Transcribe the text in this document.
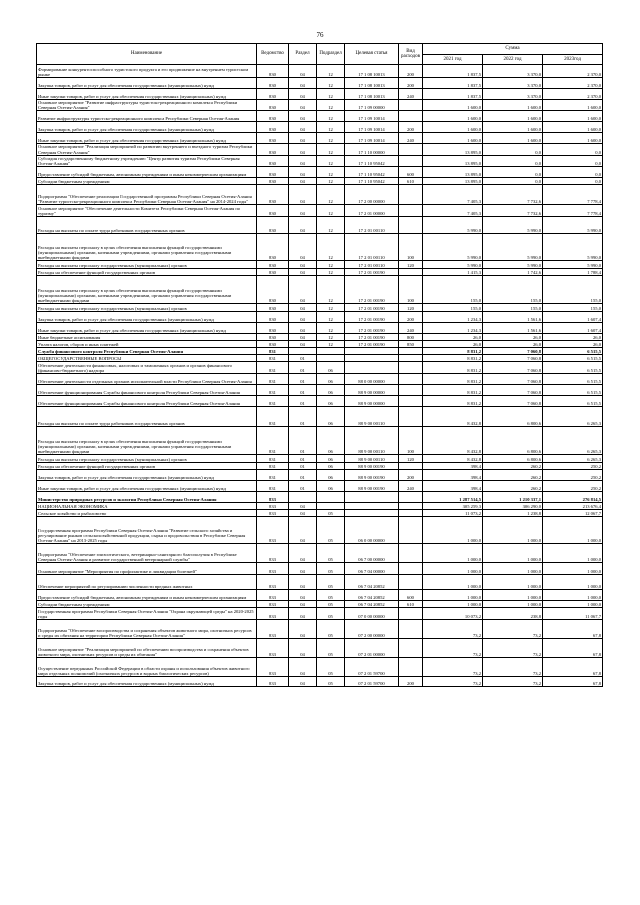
76
Наименование	Ведомство	Раздел	Подраздел	Целевая статья	Вид расходов	Сумма		
						2021 год	2022 год	2023год
Формирование конкурентоспособного туристского продукта и его продвижение на внутреннем туристском рынке	830	04	12	17 1 08 10013	200	1 837,5	3 370,0	2 370,0
Закупка товаров, работ и услуг для обеспечения государственных (муниципальных) нужд	830	04	12	17 1 08 10013	200	1 837,5	3 370,0	2 370,0
Иные закупки товаров, работ и услуг для обеспечения государственных (муниципальных) нужд	830	04	12	17 1 08 10013	240	1 837,5	3 370,0	2 370,0
Основное мероприятие "Развитие инфраструктуры туристско-рекреационного комплекса Республики Северная Осетия-Алания"	830	04	12	17 1 09 00000		1 600,0	1 600,0	1 600,0
Развитие инфраструктуры туристско-рекреационного комплекса Республики Северная Осетия-Алания	830	04	12	17 1 09 10014		1 600,0	1 600,0	1 600,0
Закупка товаров, работ и услуг для обеспечения государственных (муниципальных) нужд	830	04	12	17 1 09 10014	200	1 600,0	1 600,0	1 600,0
Иные закупки товаров, работ и услуг для обеспечения государственных (муниципальных) нужд	830	04	12	17 1 09 10014	240	1 600,0	1 600,0	1 600,0
Основное мероприятие "Реализация мероприятий по развитию внутреннего и въездного туризма Республики Северная Осетия-Алания"	830	04	12	17 1 10 00000		13 895,0	0,0	0,0
Субсидия государственному бюджетному учреждению "Центр развития туризма Республики Северная Осетия-Алания"	830	04	12	17 1 10 95042		13 895,0	0,0	0,0
Предоставление субсидий бюджетным, автономным учреждениям и иным некоммерческим организациям	830	04	12	17 1 10 95042	600	13 895,0	0,0	0,0
Субсидии бюджетным учреждениям	830	04	12	17 1 10 95042	610	13 895,0	0,0	0,0
Подпрограмма "Обеспечение реализации Государственной программы Республики Северная Осетия-Алания "Развитие туристско-рекреационного комплекса Республики Северная Осетия-Алания" на 2014-2024 годы"	830	04	12	17 2 00 00000		7 405,3	7 732,6	7 778,4
Основное мероприятие "Обеспечение деятельности Комитета Республики Северная Осетия-Алания по туризму"	830	04	12	17 2 01 00000		7 405,3	7 732,6	7 778,4
Расходы на выплаты по оплате труда работников государственных органов	830	04	12	17 2 01 00110		5 990,0	5 990,0	5 990,0
Расходы на выплаты персоналу в целях обеспечения выполнения функций государственными (муниципальными) органами, казенными учреждениями, органами управления государственными внебюджетными фондами	830	04	12	17 2 01 00110	100	5 990,0	5 990,0	5 990,0
Расходы на выплаты персоналу государственных (муниципальных) органов	830	04	12	17 2 01 00110	120	5 990,0	5 990,0	5 990,0
Расходы на обеспечение функций государственных органов	830	04	12	17 2 01 00190		1 415,3	1 742,6	1 788,4
Расходы на выплаты персоналу в целях обеспечения выполнения функций государственными (муниципальными) органами, казенными учреждениями, органами управления государственными внебюджетными фондами	830	04	12	17 2 01 00190	100	155,0	155,0	155,0
Расходы на выплаты персоналу государственных (муниципальных) органов	830	04	12	17 2 01 00190	120	155,0	155,0	155,0
Закупка товаров, работ и услуг для обеспечения государственных (муниципальных) нужд	830	04	12	17 2 01 00190	200	1 234,3	1 561,6	1 607,4
Иные закупки товаров, работ и услуг для обеспечения государственных (муниципальных) нужд	830	04	12	17 2 01 00190	240	1 234,3	1 561,6	1 607,4
Иные бюджетные ассигнования	830	04	12	17 2 01 00190	800	26,0	26,0	26,0
Уплата налогов, сборов и иных платежей	830	04	12	17 2 01 00190	850	26,0	26,0	26,0
Служба финансового контроля Республики Северная Осетия-Алания	831					8 831,2	7 060,8	6 515,5
ОБЩЕГОСУДАРСТВЕННЫЕ ВОПРОСЫ	831	01				8 831,2	7 060,8	6 515,5
Обеспечение деятельности финансовых, налоговых и таможенных органов и органов финансового (финансово-бюджетного) надзора	831	01	06			8 831,2	7 060,8	6 515,5
Обеспечение деятельности отдельных органов исполнительной власти Республики Северная Осетия-Алания	831	01	06	88 0 00 00000		8 831,2	7 060,8	6 515,5
Обеспечение функционирования Службы финансового контроля Республики Северная Осетия-Алания	831	01	06	88 9 00 00000		8 831,2	7 060,8	6 515,5
Обеспечение функционирования Службы финансового контроля Республики Северная Осетия-Алания	831	01	06	88 9 00 00000		8 831,2	7 060,8	6 515,5
Расходы на выплаты по оплате труда работников государственных органов	831	01	06	88 9 00 00110		8 432,8	6 800,6	6 265,3
Расходы на выплаты персоналу в целях обеспечения выполнения функций государственными (муниципальными) органами, казенными учреждениями, органами управления государственными внебюджетными фондами	831	01	06	88 9 00 00110	100	8 432,8	6 800,6	6 265,3
Расходы на выплаты персоналу государственных (муниципальных) органов	831	01	06	88 9 00 00110	120	8 432,8	6 800,6	6 265,3
Расходы на обеспечение функций государственных органов	831	01	06	88 9 00 00190		398,4	260,2	250,2
Закупка товаров, работ и услуг для обеспечения государственных (муниципальных) нужд	831	01	06	88 9 00 00190	200	398,4	260,2	250,2
Иные закупки товаров, работ и услуг для обеспечения государственных (муниципальных) нужд	831	01	06	88 9 00 00190	240	398,4	260,2	250,2
Министерство природных ресурсов и экологии Республики Северная Осетия-Алания	833					1 287 514,5	1 210 337,1	276 814,5
НАЦИОНАЛЬНАЯ ЭКОНОМИКА	833	04				305 259,3	306 290,0	213 676,4
Сельское хозяйство и рыболовство	833	04	05			11 073,2	1 238,8	12 067,7
Государственная программа Республики Северная Осетия-Алания "Развитие сельского хозяйства и регулирование рынков сельскохозяйственной продукции, сырья и продовольствия в Республике Северная Осетия-Алания" на 2013-2025 годы	833	04	05	06 0 00 00000		1 000,0	1 000,0	1 000,0
Подпрограмма "Обеспечение эпизоотического, ветеринарно-санитарного благополучия в Республике Северная Осетия-Алания и развитие государственной ветеринарной службы"	833	04	05	06 7 00 00000		1 000,0	1 000,0	1 000,0
Основное мероприятие "Мероприятия по профилактике и ликвидации болезней"	833	04	05	06 7 04 00000		1 000,0	1 000,0	1 000,0
Обеспечение мероприятий по регулированию численности вредных животных	833	04	05	06 7 04 20852		1 000,0	1 000,0	1 000,0
Предоставление субсидий бюджетным, автономным учреждениям и иным некоммерческим организациям	833	04	05	06 7 04 20852	600	1 000,0	1 000,0	1 000,0
Субсидии бюджетным учреждениям	833	04	05	06 7 04 20852	610	1 000,0	1 000,0	1 000,0
Государственная программа Республики Северная Осетия-Алания "Охрана окружающей среды" на 2020-2025 годы	833	04	05	07 0 00 00000		10 073,2	238,8	11 067,7
Подпрограмма "Обеспечение воспроизводства и сохранения объектов животного мира, охотничьих ресурсов и среды их обитания на территории Республики Северная Осетия-Алания"	833	04	05	07 2 00 00000		73,2	73,2	67,8
Основное мероприятие "Реализация мероприятий по обеспечению воспроизводства и сохранения объектов животного мира, охотничьих ресурсов и среды их обитания"	833	04	05	07 2 01 00000		73,2	73,2	67,8
Осуществление переданных Российской Федерации в области охраны и использования объектов животного мира отдельных полномочий (охотничьих ресурсов и водных биологических ресурсов)	833	04	05	07 2 01 59700		73,2	73,2	67,8
Закупка товаров, работ и услуг для обеспечения государственных (муниципальных) нужд	833	04	05	07 2 01 59700	200	73,2	73,2	67,8
